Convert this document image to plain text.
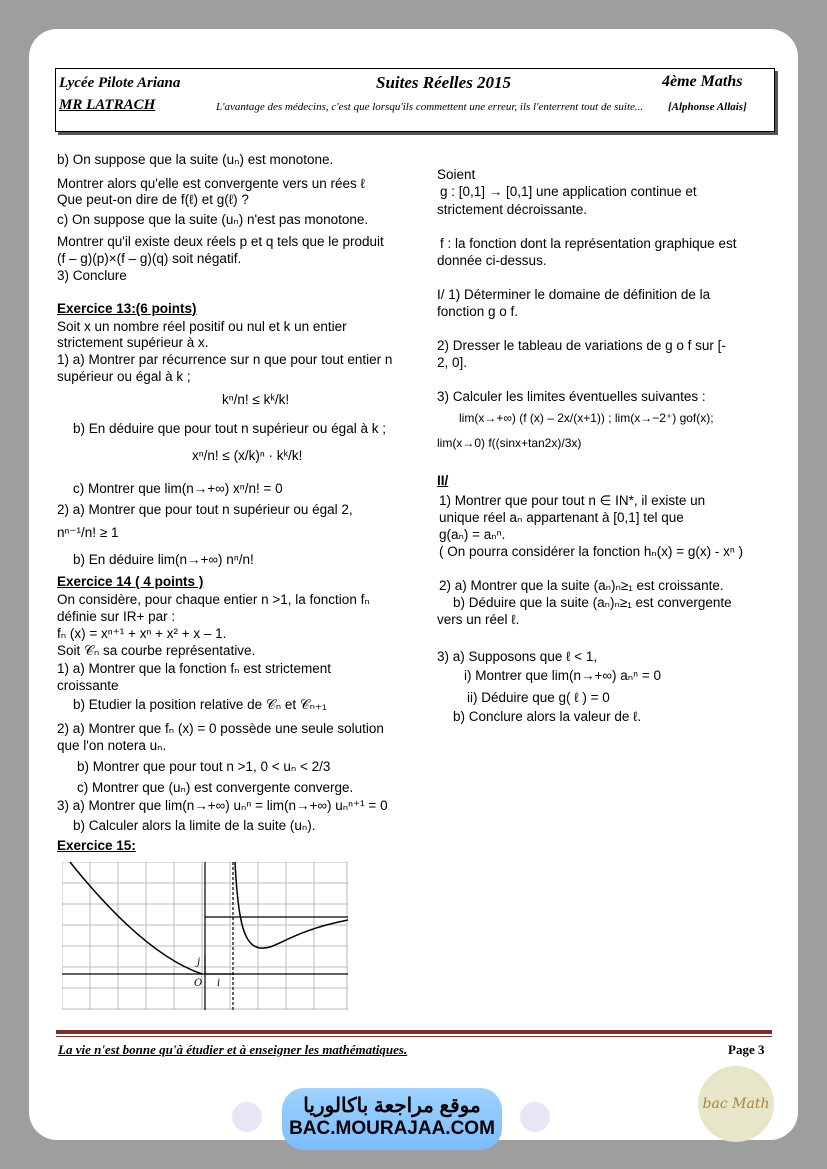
Lycée Pilote Ariana
MR LATRACH
Suites Réelles 2015	4ème Maths
L'avantage des médecins, c'est que lorsqu'ils commettent une erreur, ils l'enterrent tout de suite... [Alphonse Allais]

b) On suppose que la suite (uₙ) est monotone.

Montrer alors qu'elle est convergente vers un rées ℓ

Que peut-on dire de f(ℓ) et g(ℓ) ?

c) On suppose que la suite (uₙ) n'est pas monotone.

Montrer qu'il existe deux réels p et q tels que le produit

(f – g)(p)×(f – g)(q) soit négatif.

3) Conclure

Exercice 13:(6 points)

Soit x un nombre réel positif ou nul et k un entier

strictement supérieur à x.

1) a) Montrer par récurrence sur n que pour tout entier n

supérieur ou égal à k ;

kⁿ/n! ≤ kᵏ/k!

b) En déduire que pour tout n supérieur ou égal à k ;

xⁿ/n! ≤ (x/k)ⁿ · kᵏ/k!

c) Montrer que lim(n→+∞) xⁿ/n! = 0

2) a) Montrer que pour tout n supérieur ou égal 2,

nⁿ⁻¹/n! ≥ 1

b) En déduire lim(n→+∞) nⁿ/n!

Exercice 14 ( 4 points )

On considère, pour chaque entier n >1, la fonction fₙ

définie sur IR+ par :

fₙ (x) = xⁿ⁺¹ + xⁿ + x² + x – 1.

Soit 𝒞ₙ sa courbe représentative.

1) a) Montrer que la fonction fₙ est strictement

croissante

b) Etudier la position relative de 𝒞ₙ et 𝒞ₙ₊₁

2) a) Montrer que fₙ (x) = 0 possède une seule solution

que l'on notera uₙ.

b) Montrer que pour tout n >1, 0 < uₙ < 2/3

c) Montrer que (uₙ) est convergente converge.

3) a) Montrer que lim(n→+∞) uₙⁿ = lim(n→+∞) uₙⁿ⁺¹ = 0

b) Calculer alors la limite de la suite (uₙ).

Exercice 15:

O i
j

Soient

g : [0,1] → [0,1] une application continue et

strictement décroissante.

f : la fonction dont la représentation graphique est

donnée ci-dessus.

I/ 1) Déterminer le domaine de définition de la

fonction g o f.

2) Dresser le tableau de variations de g o f sur [-

2, 0].

3) Calculer les limites éventuelles suivantes :

lim(x→+∞) (f (x) – 2x/(x+1)) ; lim(x→−2⁺) gof(x);

lim(x→0) f((sinx+tan2x)/3x)

II/

1) Montrer que pour tout n ∈ IN*, il existe un

unique réel aₙ appartenant à [0,1] tel que

g(aₙ) = aₙⁿ.

( On pourra considérer la fonction hₙ(x) = g(x) - xⁿ )

2) a) Montrer que la suite (aₙ)ₙ≥₁ est croissante.

b) Déduire que la suite (aₙ)ₙ≥₁ est convergente

vers un réel ℓ.

3) a) Supposons que ℓ < 1,

i) Montrer que lim(n→+∞) aₙⁿ = 0

ii) Déduire que g( ℓ ) = 0

b) Conclure alors la valeur de ℓ.

La vie n'est bonne qu'à étudier et à enseigner les mathématiques.	Page 3
موقع مراجعة باكالوريا
BAC.MOURAJAA.COM
bac Math
